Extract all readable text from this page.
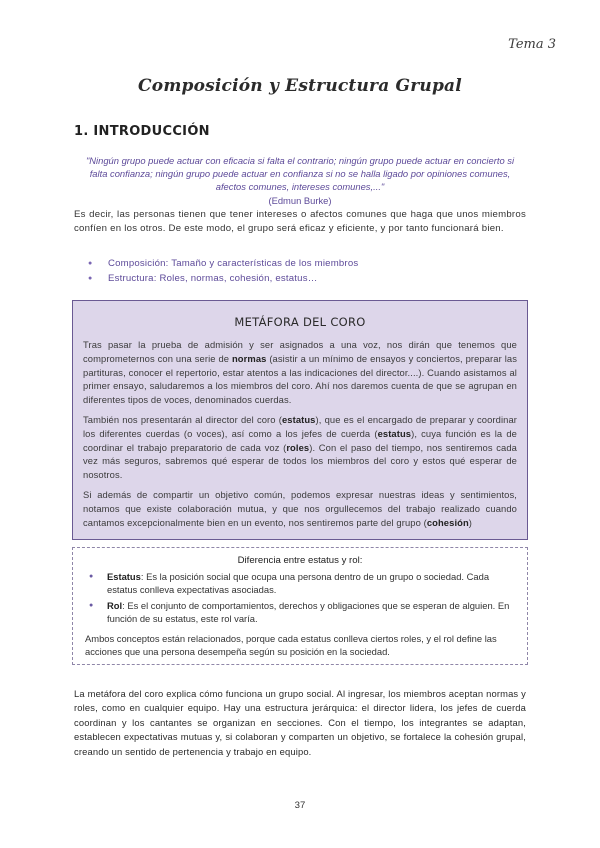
Tema 3
Composición y Estructura Grupal
1. INTRODUCCIÓN
"Ningún grupo puede actuar con eficacia si falta el contrario; ningún grupo puede actuar en concierto si falta confianza; ningún grupo puede actuar en confianza si no se halla ligado por opiniones comunes, afectos comunes, intereses comunes,..."
(Edmun Burke)

Es decir, las personas tienen que tener intereses o afectos comunes que haga que unos miembros confíen en los otros. De este modo, el grupo será eficaz y eficiente, y por tanto funcionará bien.

● Composición: Tamaño y características de los miembros
● Estructura: Roles, normas, cohesión, estatus…
METÁFORA DEL CORO

Tras pasar la prueba de admisión y ser asignados a una voz, nos dirán que tenemos que comprometernos con una serie de normas (asistir a un mínimo de ensayos y conciertos, preparar las partituras, conocer el repertorio, estar atentos a las indicaciones del director....). Cuando asistamos al primer ensayo, saludaremos a los miembros del coro. Ahí nos daremos cuenta de que se agrupan en diferentes tipos de voces, denominados cuerdas.

También nos presentarán al director del coro (estatus), que es el encargado de preparar y coordinar los diferentes cuerdas (o voces), así como a los jefes de cuerda (estatus), cuya función es la de coordinar el trabajo preparatorio de cada voz (roles). Con el paso del tiempo, nos sentiremos cada vez más seguros, sabremos qué esperar de todos los miembros del coro y estos qué esperar de nosotros.

Si además de compartir un objetivo común, podemos expresar nuestras ideas y sentimientos, notamos que existe colaboración mutua, y que nos orgullecemos del trabajo realizado cuando cantamos excepcionalmente bien en un evento, nos sentiremos parte del grupo (cohesión)

Diferencia entre estatus y rol:
● Estatus: Es la posición social que ocupa una persona dentro de un grupo o sociedad. Cada estatus conlleva expectativas asociadas.
● Rol: Es el conjunto de comportamientos, derechos y obligaciones que se esperan de alguien. En función de su estatus, este rol varía.

Ambos conceptos están relacionados, porque cada estatus conlleva ciertos roles, y el rol define las acciones que una persona desempeña según su posición en la sociedad.

La metáfora del coro explica cómo funciona un grupo social. Al ingresar, los miembros aceptan normas y roles, como en cualquier equipo. Hay una estructura jerárquica: el director lidera, los jefes de cuerda coordinan y los cantantes se organizan en secciones. Con el tiempo, los integrantes se adaptan, establecen expectativas mutuas y, si colaboran y comparten un objetivo, se fortalece la cohesión grupal, creando un sentido de pertenencia y trabajo en equipo.

37
